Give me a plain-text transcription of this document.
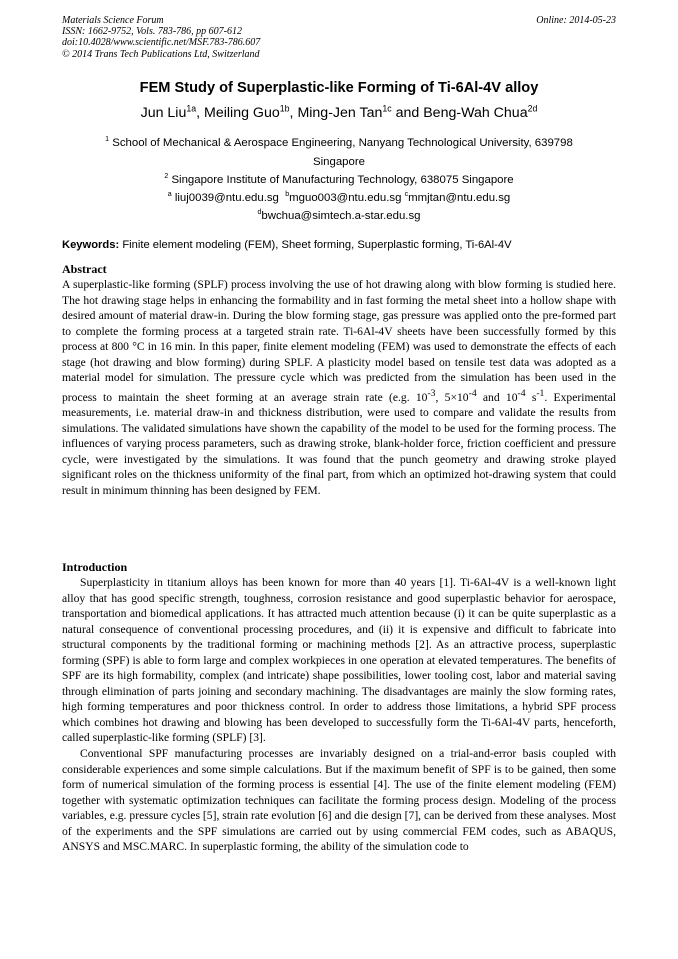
Materials Science Forum
ISSN: 1662-9752, Vols. 783-786, pp 607-612
doi:10.4028/www.scientific.net/MSF.783-786.607
© 2014 Trans Tech Publications Ltd, Switzerland
Online: 2014-05-23
FEM Study of Superplastic-like Forming of Ti-6Al-4V alloy
Jun Liu$^{1a}$, Meiling Guo$^{1b}$, Ming-Jen Tan$^{1c}$ and Beng-Wah Chua$^{2d}$
$^1$ School of Mechanical & Aerospace Engineering, Nanyang Technological University, 639798
Singapore
$^2$ Singapore Institute of Manufacturing Technology, 638075 Singapore
$^a$ liuj0039@ntu.edu.sg $^b$mguo003@ntu.edu.sg $^c$mmjtan@ntu.edu.sg
$^d$bwchua@simtech.a-star.edu.sg
Keywords: Finite element modeling (FEM), Sheet forming, Superplastic forming, Ti-6Al-4V
Abstract

A superplastic-like forming (SPLF) process involving the use of hot drawing along with blow forming is studied here. The hot drawing stage helps in enhancing the formability and in fast forming the metal sheet into a hollow shape with desired amount of material draw-in. During the blow forming stage, gas pressure was applied onto the pre-formed part to complete the forming process at a targeted strain rate. Ti-6Al-4V sheets have been successfully formed by this process at 800 °C in 16 min. In this paper, finite element modeling (FEM) was used to demonstrate the effects of each stage (hot drawing and blow forming) during SPLF. A plasticity model based on tensile test data was adopted as a material model for simulation. The pressure cycle which was predicted from the simulation has been used in the process to maintain the sheet forming at an average strain rate (e.g. $10^{-3}$, $5\times 10^{-4}$ and $10^{-4}$ $s^{-1}$. Experimental measurements, i.e. material draw-in and thickness distribution, were used to compare and validate the results from simulations. The validated simulations have shown the capability of the model to be used for the forming process. The influences of varying process parameters, such as drawing stroke, blank-holder force, friction coefficient and pressure cycle, were investigated by the simulations. It was found that the punch geometry and drawing stroke played significant roles on the thickness uniformity of the final part, from which an optimized hot-drawing system that could result in minimum thinning has been designed by FEM.

Introduction

Superplasticity in titanium alloys has been known for more than 40 years [1]. Ti-6Al-4V is a well-known light alloy that has good specific strength, toughness, corrosion resistance and good superplastic behavior for aerospace, transportation and biomedical applications. It has attracted much attention because (i) it can be quite superplastic as a natural consequence of conventional processing procedures, and (ii) it is expensive and difficult to fabricate into structural components by the traditional forming or machining methods [2]. As an attractive process, superplastic forming (SPF) is able to form large and complex workpieces in one operation at elevated temperatures. The benefits of SPF are its high formability, complex (and intricate) shape possibilities, lower tooling cost, labor and material saving through elimination of parts joining and secondary machining. The disadvantages are mainly the slow forming rates, high forming temperatures and poor thickness control. In order to address those limitations, a hybrid SPF process which combines hot drawing and blowing has been developed to successfully form the Ti-6Al-4V parts, henceforth, called superplastic-like forming (SPLF) [3].

Conventional SPF manufacturing processes are invariably designed on a trial-and-error basis coupled with considerable experiences and some simple calculations. But if the maximum benefit of SPF is to be gained, then some form of numerical simulation of the forming process is essential [4]. The use of the finite element modeling (FEM) together with systematic optimization techniques can facilitate the forming process design. Modeling of the process variables, e.g. pressure cycles [5], strain rate evolution [6] and die design [7], can be derived from these analyses. Most of the experiments and the SPF simulations are carried out by using commercial FEM codes, such as ABAQUS, ANSYS and MSC.MARC. In superplastic forming, the ability of the simulation code to
